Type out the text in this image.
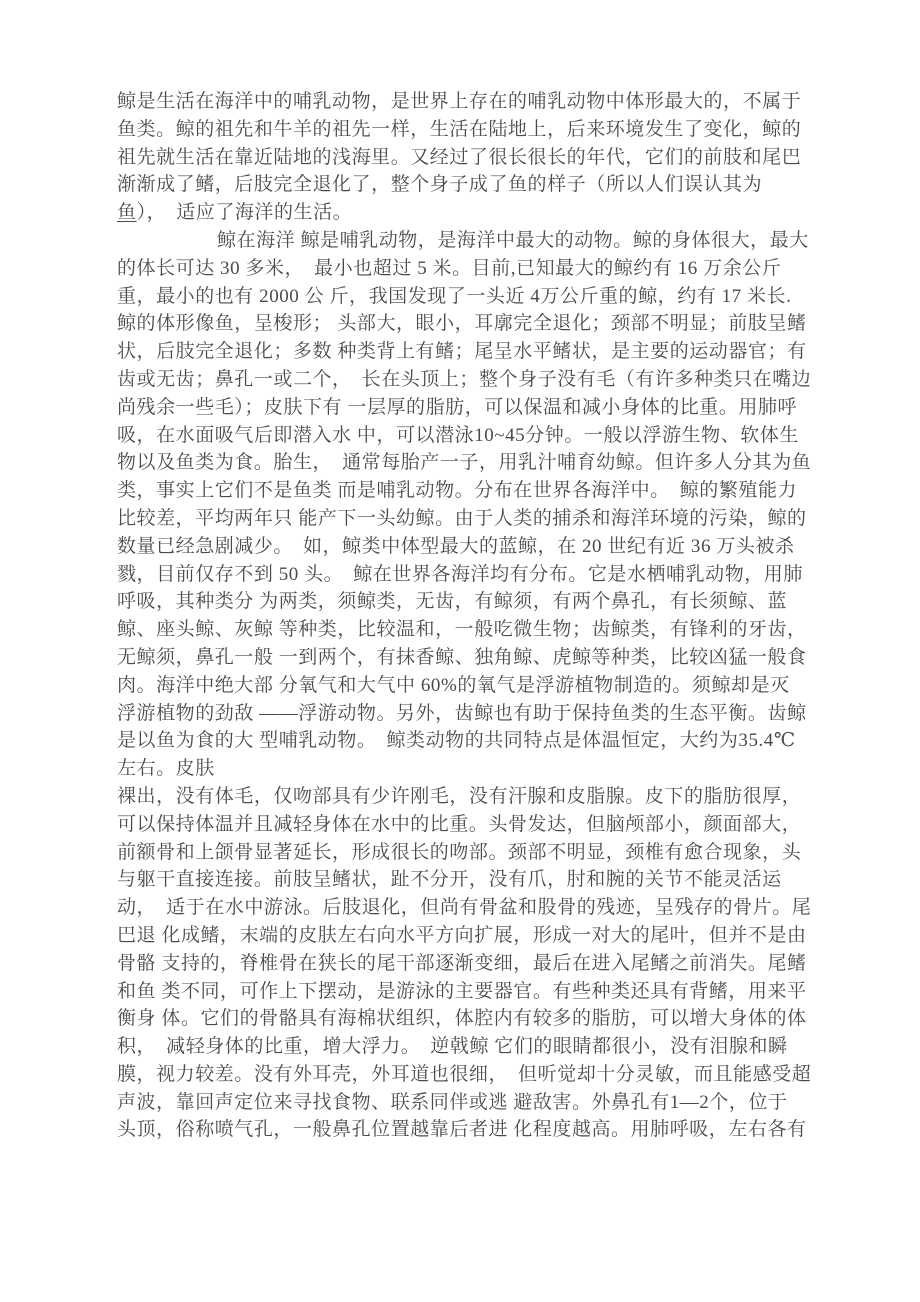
鲸是生活在海洋中的哺乳动物，是世界上存在的哺乳动物中体形最大的，不属于
鱼类。鲸的祖先和牛羊的祖先一样，生活在陆地上，后来环境发生了变化，鲸的
祖先就生活在靠近陆地的浅海里。又经过了很长很长的年代，它们的前肢和尾巴
渐渐成了鳍，后肢完全退化了，整个身子成了鱼的样子（所以人们误认其为
鱼），　适应了海洋的生活。
鲸在海洋 鲸是哺乳动物，是海洋中最大的动物。鲸的身体很大，最大
的体长可达 30 多米，　最小也超过 5 米。目前,已知最大的鲸约有 16 万余公斤
重，最小的也有 2000 公 斤，我国发现了一头近 4万公斤重的鲸，约有 17 米长.
鲸的体形像鱼，呈梭形； 头部大，眼小，耳廓完全退化；颈部不明显；前肢呈鳍
状，后肢完全退化；多数 种类背上有鳍；尾呈水平鳍状，是主要的运动器官；有
齿或无齿；鼻孔一或二个，　长在头顶上；整个身子没有毛（有许多种类只在嘴边
尚残余一些毛）；皮肤下有 一层厚的脂肪，可以保温和减小身体的比重。用肺呼
吸，在水面吸气后即潜入水 中，可以潜泳10~45分钟。一般以浮游生物、软体生
物以及鱼类为食。胎生，　通常每胎产一子，用乳汁哺育幼鲸。但许多人分其为鱼
类，事实上它们不是鱼类 而是哺乳动物。分布在世界各海洋中。　鲸的繁殖能力
比较差，平均两年只 能产下一头幼鲸。由于人类的捕杀和海洋环境的污染，鲸的
数量已经急剧减少。　如，鲸类中体型最大的蓝鲸，在 20 世纪有近 36 万头被杀
戮，目前仅存不到 50 头。　鲸在世界各海洋均有分布。它是水栖哺乳动物，用肺
呼吸，其种类分 为两类，须鲸类，无齿，有鲸须，有两个鼻孔，有长须鲸、蓝
鲸、座头鲸、灰鲸 等种类，比较温和，一般吃微生物；齿鲸类，有锋利的牙齿，
无鲸须，鼻孔一般 一到两个，有抹香鲸、独角鲸、虎鲸等种类，比较凶猛一般食
肉。海洋中绝大部 分氧气和大气中 60%的氧气是浮游植物制造的。须鲸却是灭
浮游植物的劲敌 ——浮游动物。另外，齿鲸也有助于保持鱼类的生态平衡。齿鲸
是以鱼为食的大 型哺乳动物。　鲸类动物的共同特点是体温恒定，大约为35.4℃
左右。皮肤
裸出，没有体毛，仅吻部具有少许刚毛，没有汗腺和皮脂腺。皮下的脂肪很厚，
可以保持体温并且减轻身体在水中的比重。头骨发达，但脑颅部小，颜面部大，
前额骨和上颌骨显著延长，形成很长的吻部。颈部不明显，颈椎有愈合现象，头
与躯干直接连接。前肢呈鳍状，趾不分开，没有爪，肘和腕的关节不能灵活运
动，　适于在水中游泳。后肢退化，但尚有骨盆和股骨的残迹，呈残存的骨片。尾
巴退 化成鳍，末端的皮肤左右向水平方向扩展，形成一对大的尾叶，但并不是由
骨骼 支持的，脊椎骨在狭长的尾干部逐渐变细，最后在进入尾鳍之前消失。尾鳍
和鱼 类不同，可作上下摆动，是游泳的主要器官。有些种类还具有背鳍，用来平
衡身 体。它们的骨骼具有海棉状组织，体腔内有较多的脂肪，可以增大身体的体
积，　减轻身体的比重，增大浮力。　逆戟鲸 它们的眼睛都很小，没有泪腺和瞬
膜，视力较差。没有外耳壳，外耳道也很细，　但听觉却十分灵敏，而且能感受超
声波，靠回声定位来寻找食物、联系同伴或逃 避敌害。外鼻孔有1—2个，位于
头顶，俗称喷气孔，一般鼻孔位置越靠后者进 化程度越高。用肺呼吸，左右各有
